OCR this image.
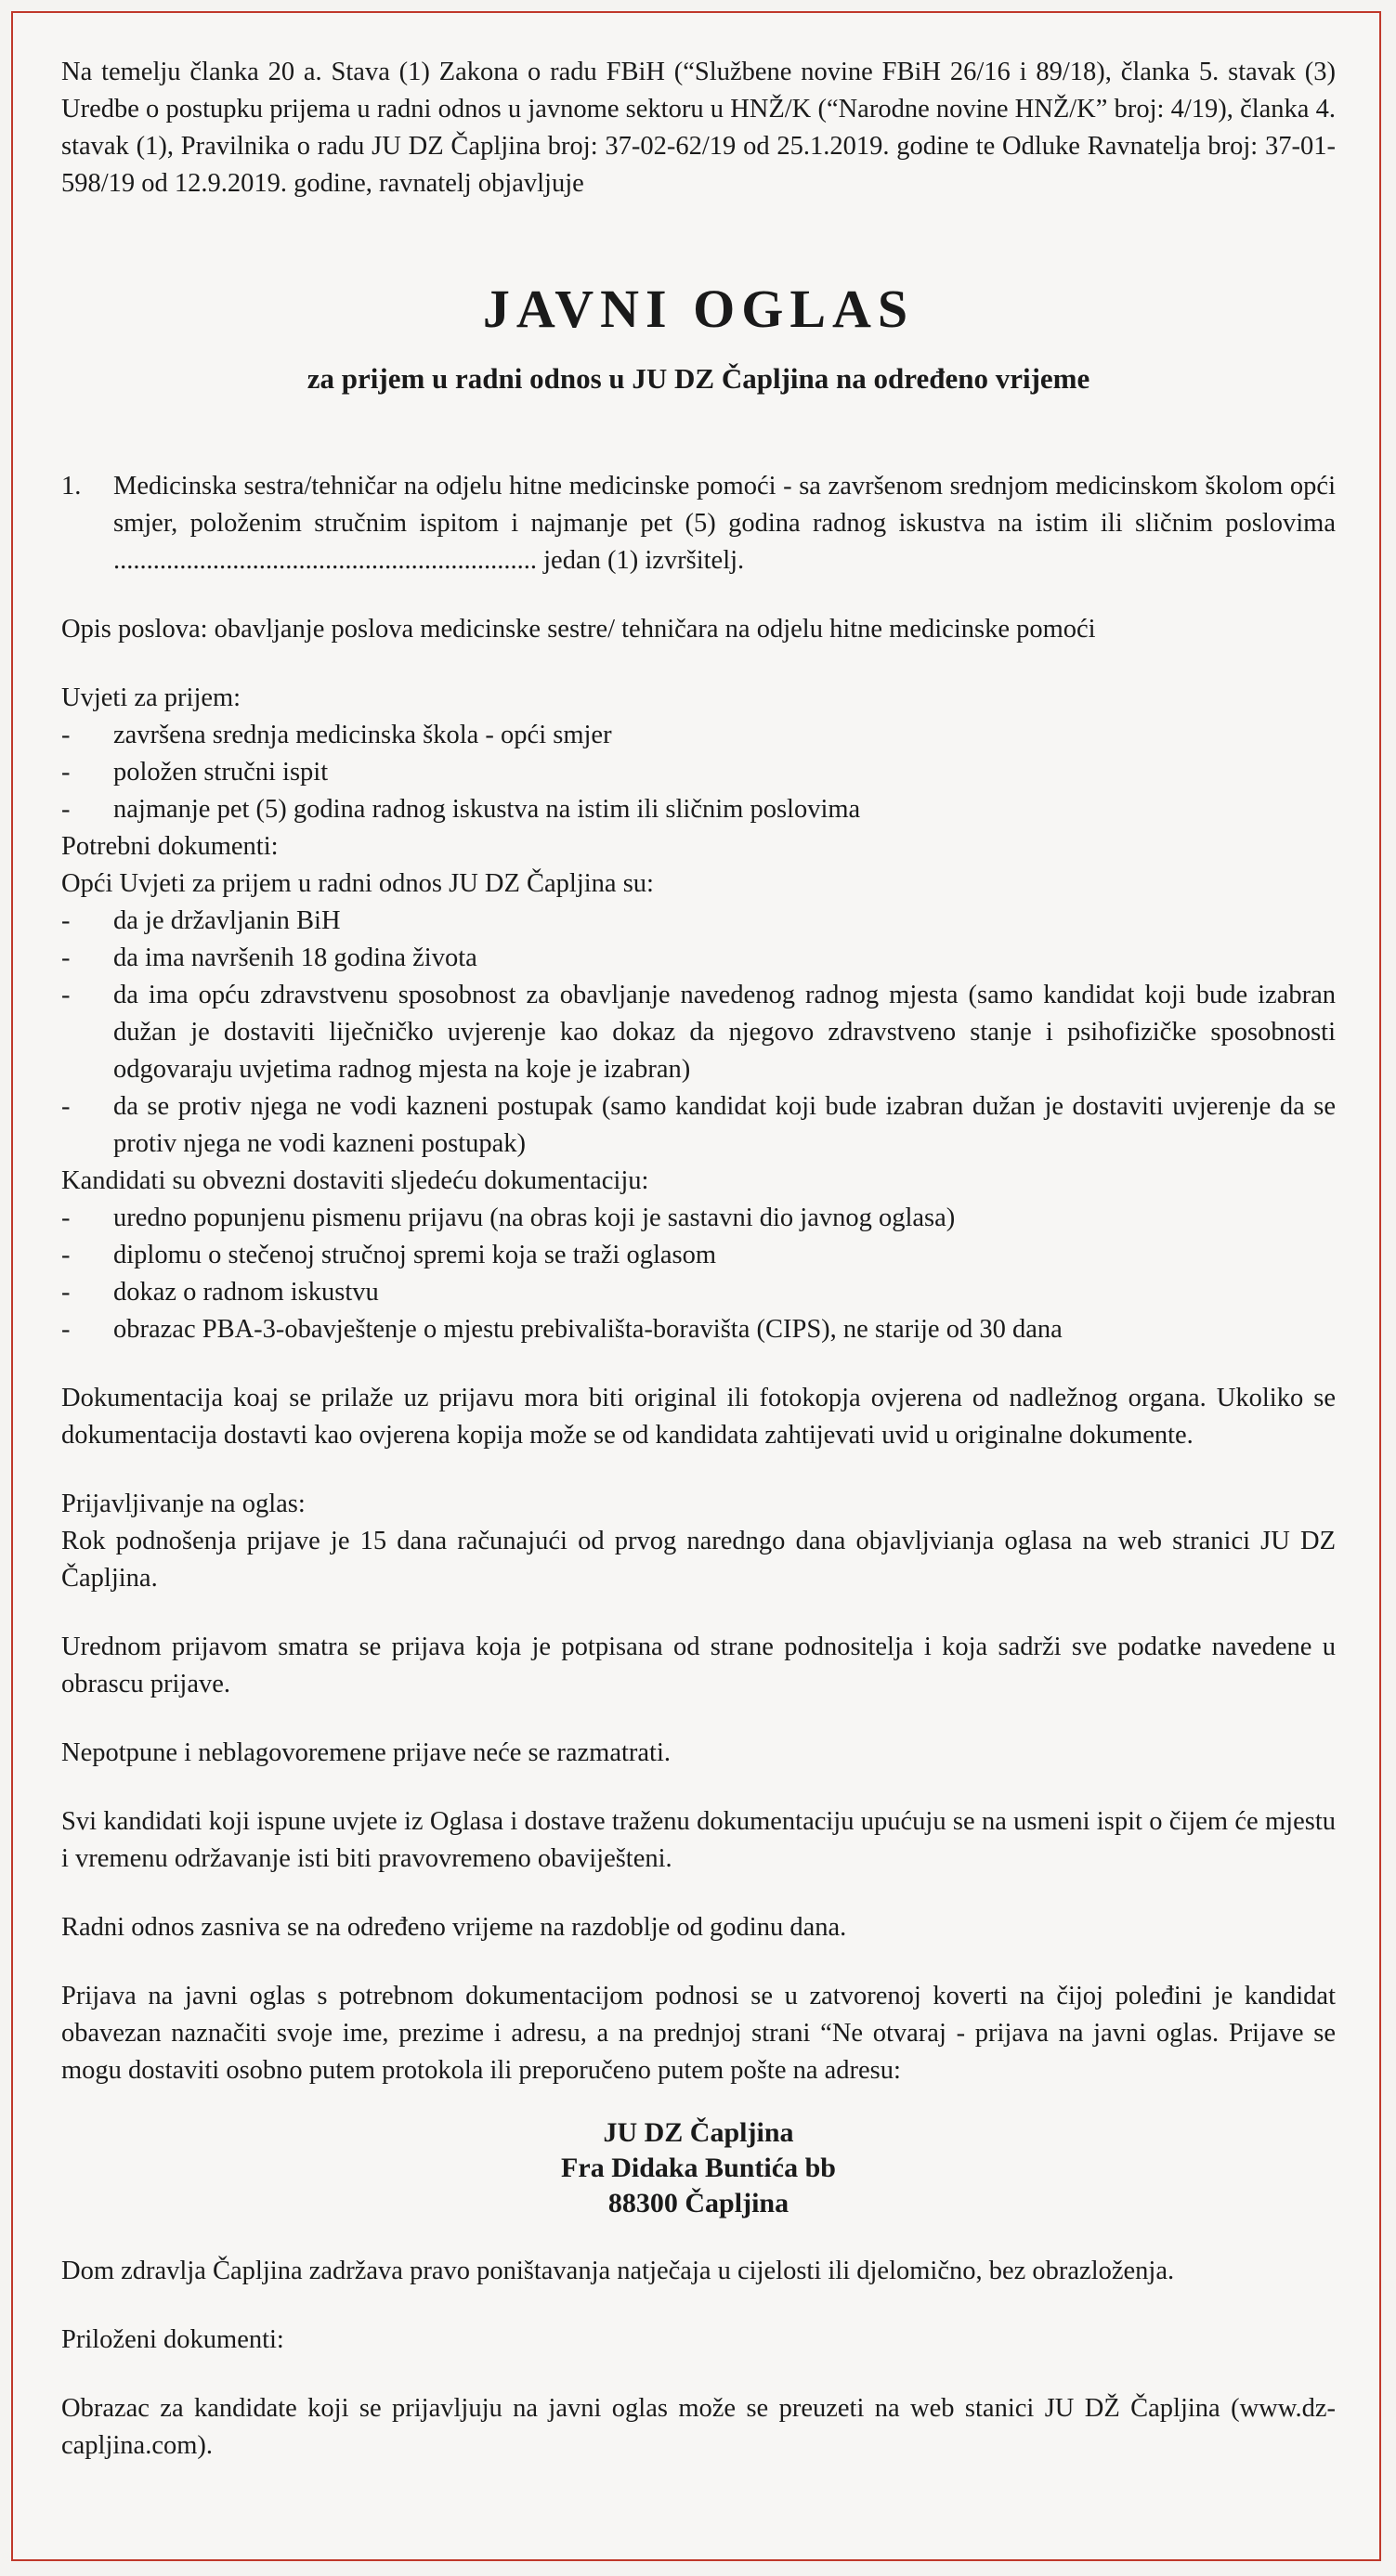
Na temelju članka 20 a. Stava (1) Zakona o radu FBiH (“Službene novine FBiH 26/16 i 89/18), članka 5. stavak (3) Uredbe o postupku prijema u radni odnos u javnome sektoru u HNŽ/K (“Narodne novine HNŽ/K” broj: 4/19), članka 4. stavak (1), Pravilnika o radu JU DZ Čapljina broj: 37-02-62/19 od 25.1.2019. godine te Odluke Ravnatelja broj: 37-01-598/19 od 12.9.2019. godine, ravnatelj objavljuje

JAVNI OGLAS
za prijem u radni odnos u JU DZ Čapljina na određeno vrijeme
1.	Medicinska sestra/tehničar na odjelu hitne medicinske pomoći - sa završenom srednjom medicinskom školom opći smjer, položenim stručnim ispitom i najmanje pet (5) godina radnog iskustva na istim ili sličnim poslovima ................................................................ jedan (1) izvršitelj.

Opis poslova: obavljanje poslova medicinske sestre/ tehničara na odjelu hitne medicinske pomoći

Uvjeti za prijem:

-	završena srednja medicinska škola - opći smjer
-	položen stručni ispit
-	najmanje pet (5) godina radnog iskustva na istim ili sličnim poslovima

Potrebni dokumenti:

Opći Uvjeti za prijem u radni odnos JU DZ Čapljina su:

-	da je državljanin BiH
-	da ima navršenih 18 godina života
-	da ima opću zdravstvenu sposobnost za obavljanje navedenog radnog mjesta (samo kandidat koji bude izabran dužan je dostaviti liječničko uvjerenje kao dokaz da njegovo zdravstveno stanje i psihofizičke sposobnosti odgovaraju uvjetima radnog mjesta na koje je izabran)
-	da se protiv njega ne vodi kazneni postupak (samo kandidat koji bude izabran dužan je dostaviti uvjerenje da se protiv njega ne vodi kazneni postupak)

Kandidati su obvezni dostaviti sljedeću dokumentaciju:

-	uredno popunjenu pismenu prijavu (na obras koji je sastavni dio javnog oglasa)
-	diplomu o stečenoj stručnoj spremi koja se traži oglasom
-	dokaz o radnom iskustvu
-	obrazac PBA-3-obavještenje o mjestu prebivališta-boravišta (CIPS), ne starije od 30 dana

Dokumentacija koaj se prilaže uz prijavu mora biti original ili fotokopja ovjerena od nadležnog organa. Ukoliko se dokumentacija dostavti kao ovjerena kopija može se od kandidata zahtijevati uvid u originalne dokumente.

Prijavljivanje na oglas:

Rok podnošenja prijave je 15 dana računajući od prvog naredngo dana objavljvianja oglasa na web stranici JU DZ Čapljina.

Urednom prijavom smatra se prijava koja je potpisana od strane podnositelja i koja sadrži sve podatke navedene u obrascu prijave.

Nepotpune i neblagovoremene prijave neće se razmatrati.

Svi kandidati koji ispune uvjete iz Oglasa i dostave traženu dokumentaciju upućuju se na usmeni ispit o čijem će mjestu i vremenu održavanje isti biti pravovremeno obaviješteni.

Radni odnos zasniva se na određeno vrijeme na razdoblje od godinu dana.

Prijava na javni oglas s potrebnom dokumentacijom podnosi se u zatvorenoj koverti na čijoj poleđini je kandidat obavezan naznačiti svoje ime, prezime i adresu, a na prednjoj strani “Ne otvaraj - prijava na javni oglas. Prijave se mogu dostaviti osobno putem protokola ili preporučeno putem pošte na adresu:

JU DZ Čapljina
Fra Didaka Buntića bb
88300 Čapljina

Dom zdravlja Čapljina zadržava pravo poništavanja natječaja u cijelosti ili djelomično, bez obrazloženja.

Priloženi dokumenti:

Obrazac za kandidate koji se prijavljuju na javni oglas može se preuzeti na web stanici JU DŽ Čapljina (www.dz-capljina.com).
